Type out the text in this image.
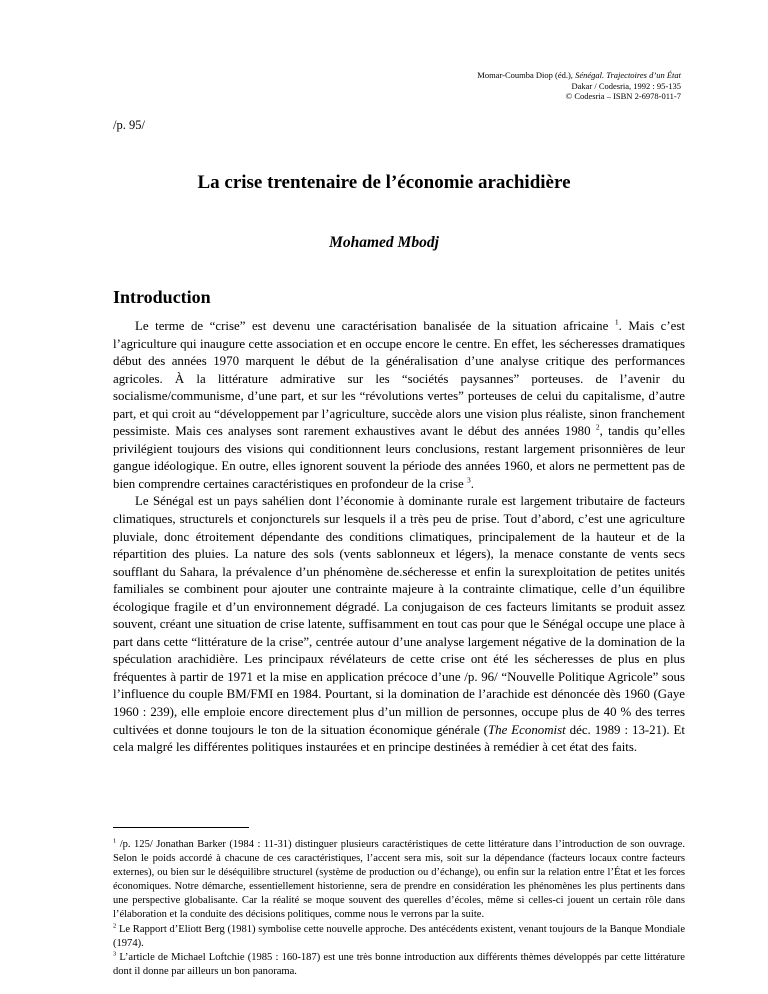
Momar-Coumba Diop (éd.), Sénégal. Trajectoires d’un État
Dakar / Codesria, 1992 : 95-135
© Codesria – ISBN 2-6978-011-7
/p. 95/
La crise trentenaire de l’économie arachidière
Mohamed Mbodj
Introduction

Le terme de “crise” est devenu une caractérisation banalisée de la situation africaine $^1$. Mais c’est l’agriculture qui inaugure cette association et en occupe encore le centre. En effet, les sécheresses dramatiques début des années 1970 marquent le début de la généralisation d’une analyse critique des performances agricoles. À la littérature admirative sur les “sociétés paysannes” porteuses. de l’avenir du socialisme/communisme, d’une part, et sur les “révolutions vertes” porteuses de celui du capitalisme, d’autre part, et qui croit au “développement par l’agriculture, succède alors une vision plus réaliste, sinon franchement pessimiste. Mais ces analyses sont rarement exhaustives avant le début des années 1980 $^2$, tandis qu’elles privilégient toujours des visions qui conditionnent leurs conclusions, restant largement prisonnières de leur gangue idéologique. En outre, elles ignorent souvent la période des années 1960, et alors ne permettent pas de bien comprendre certaines caractéristiques en profondeur de la crise $^3$.

Le Sénégal est un pays sahélien dont l’économie à dominante rurale est largement tributaire de facteurs climatiques, structurels et conjoncturels sur lesquels il a très peu de prise. Tout d’abord, c’est une agriculture pluviale, donc étroitement dépendante des conditions climatiques, principalement de la hauteur et de la répartition des pluies. La nature des sols (vents sablonneux et légers), la menace constante de vents secs soufflant du Sahara, la prévalence d’un phénomène de.sécheresse et enfin la surexploitation de petites unités familiales se combinent pour ajouter une contrainte majeure à la contrainte climatique, celle d’un équilibre écologique fragile et d’un environnement dégradé. La conjugaison de ces facteurs limitants se produit assez souvent, créant une situation de crise latente, suffisamment en tout cas pour que le Sénégal occupe une place à part dans cette “littérature de la crise”, centrée autour d’une analyse largement négative de la domination de la spéculation arachidière. Les principaux révélateurs de cette crise ont été les sécheresses de plus en plus fréquentes à partir de 1971 et la mise en application précoce d’une /p. 96/ “Nouvelle Politique Agricole” sous l’influence du couple BM/FMI en 1984. Pourtant, si la domination de l’arachide est dénoncée dès 1960 (Gaye 1960 : 239), elle emploie encore directement plus d’un million de personnes, occupe plus de 40 % des terres cultivées et donne toujours le ton de la situation économique générale (The Economist déc. 1989 : 13-21). Et cela malgré les différentes politiques instaurées et en principe destinées à remédier à cet état des faits.

$^1$ /p. 125/ Jonathan Barker (1984 : 11-31) distinguer plusieurs caractéristiques de cette littérature dans l’introduction de son ouvrage. Selon le poids accordé à chacune de ces caractéristiques, l’accent sera mis, soit sur la dépendance (facteurs locaux contre facteurs externes), ou bien sur le déséquilibre structurel (système de production ou d’échange), ou enfin sur la relation entre l’État et les forces économiques. Notre démarche, essentiellement historienne, sera de prendre en considération les phénomènes les plus pertinents dans une perspective globalisante. Car la réalité se moque souvent des querelles d’écoles, même si celles-ci jouent un certain rôle dans l’élaboration et la conduite des décisions politiques, comme nous le verrons par la suite.

$^2$ Le Rapport d’Eliott Berg (1981) symbolise cette nouvelle approche. Des antécédents existent, venant toujours de la Banque Mondiale (1974).

$^3$ L’article de Michael Loftchie (1985 : 160-187) est une très bonne introduction aux différents thèmes développés par cette littérature dont il donne par ailleurs un bon panorama.
